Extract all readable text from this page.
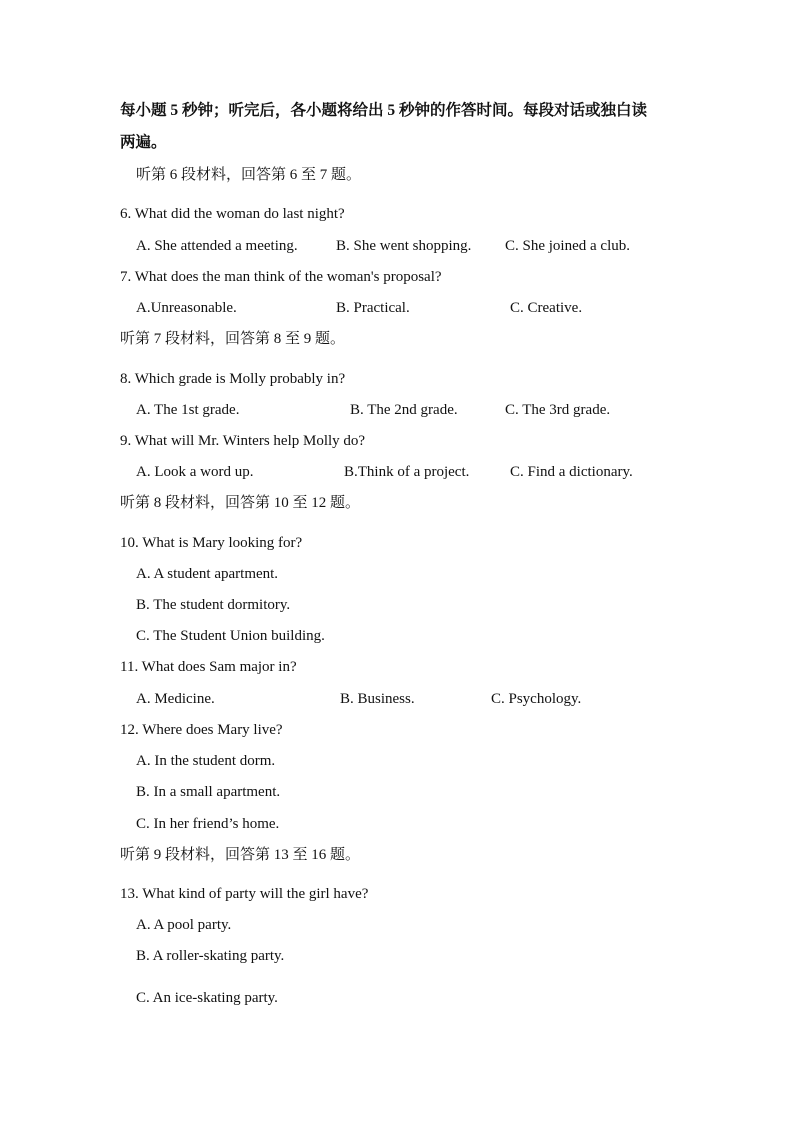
每小题 5 秒钟；听完后，各小题将给出 5 秒钟的作答时间。每段对话或独白读
两遍。
听第 6 段材料，回答第 6 至 7 题。
6. What did the woman do last night?
A. She attended a meeting.	B. She went shopping. C. She joined a club.
7. What does the man think of the woman's proposal?
A.Unreasonable.	B. Practical.	C. Creative.
听第 7 段材料，回答第 8 至 9 题。
8. Which grade is Molly probably in?
A. The 1st grade.	B. The 2nd grade.	C. The 3rd grade.
9. What will Mr. Winters help Molly do?
A. Look a word up.	B.Think of a project.	C. Find a dictionary.
听第 8 段材料，回答第 10 至 12 题。
10. What is Mary looking for?
A. A student apartment.
B. The student dormitory.
C. The Student Union building.
11. What does Sam major in?
A. Medicine.	B. Business.	C. Psychology.
12. Where does Mary live?
A. In the student dorm.
B. In a small apartment.
C. In her friend’s home.
听第 9 段材料，回答第 13 至 16 题。
13. What kind of party will the girl have?
A. A pool party.
B. A roller-skating party.
C. An ice-skating party.
